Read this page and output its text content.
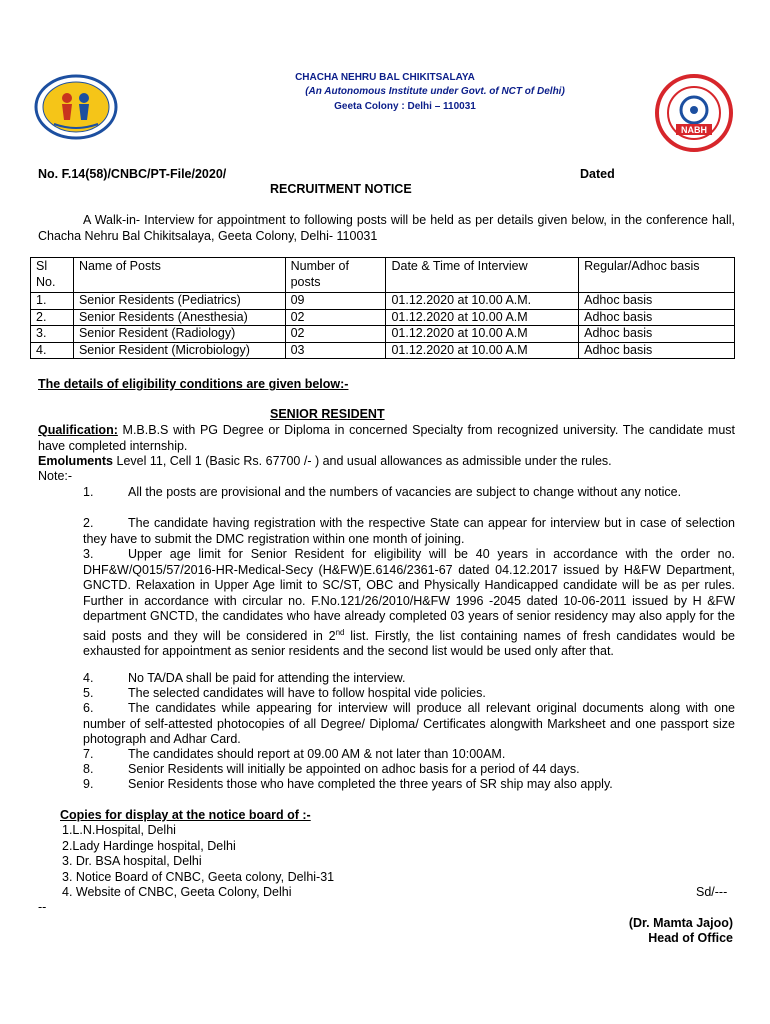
NABH
CHACHA NEHRU BAL CHIKITSALAYA
(An Autonomous Institute under Govt. of NCT of Delhi)
Geeta Colony : Delhi – 110031
No. F.14(58)/CNBC/PT-File/2020/	Dated
RECRUITMENT NOTICE
A Walk-in- Interview for appointment to following posts will be held as per details given below, in the conference hall, Chacha Nehru Bal Chikitsalaya, Geeta Colony, Delhi- 110031
Sl No.	Name of Posts	Number of posts	Date & Time of Interview	Regular/Adhoc basis
1.	Senior Residents (Pediatrics)	09	01.12.2020 at 10.00 A.M.	Adhoc basis
2.	Senior Residents (Anesthesia)	02	01.12.2020 at 10.00 A.M	Adhoc basis
3.	Senior Resident (Radiology)	02	01.12.2020 at 10.00 A.M	Adhoc basis
4.	Senior Resident (Microbiology)	03	01.12.2020 at 10.00 A.M	Adhoc basis
The details of eligibility conditions are given below:-
SENIOR RESIDENT
Qualification: M.B.B.S with PG Degree or Diploma in concerned Specialty from recognized university. The candidate must have completed internship.
Emoluments Level 11, Cell 1 (Basic Rs. 67700 /- ) and usual allowances as admissible under the rules.
Note:-
1.	All the posts are provisional and the numbers of vacancies are subject to change without any notice.
2.	The candidate having registration with the respective State can appear for interview but in case of selection they have to submit the DMC registration within one month of joining.
3.	Upper age limit for Senior Resident for eligibility will be 40 years in accordance with the order no. DHF&W/Q015/57/2016-HR-Medical-Secy (H&FW)E.6146/2361-67 dated 04.12.2017 issued by H&FW Department, GNCTD. Relaxation in Upper Age limit to SC/ST, OBC and Physically Handicapped candidate will be as per rules. Further in accordance with circular no. F.No.121/26/2010/H&FW 1996 -2045 dated 10-06-2011 issued by H &FW department GNCTD, the candidates who have already completed 03 years of senior residency may also apply for the said posts and they will be considered in 2nd list. Firstly, the list containing names of fresh candidates would be exhausted for appointment as senior residents and the second list would be used only after that.
4.	No TA/DA shall be paid for attending the interview.
5.	The selected candidates will have to follow hospital vide policies.
6.	The candidates while appearing for interview will produce all relevant original documents along with one number of self-attested photocopies of all Degree/ Diploma/ Certificates alongwith Marksheet and one passport size photograph and Adhar Card.
7.	The candidates should report at 09.00 AM & not later than 10:00AM.
8.	Senior Residents will initially be appointed on adhoc basis for a period of 44 days.
9.	Senior Residents those who have completed the three years of SR ship may also apply.
Copies for display at the notice board of :-
1.L.N.Hospital, Delhi
2.Lady Hardinge hospital, Delhi
3. Dr. BSA hospital, Delhi
3. Notice Board of CNBC, Geeta colony, Delhi-31
4. Website of CNBC, Geeta Colony, Delhi	Sd/---
--
(Dr. Mamta Jajoo)
Head of Office
